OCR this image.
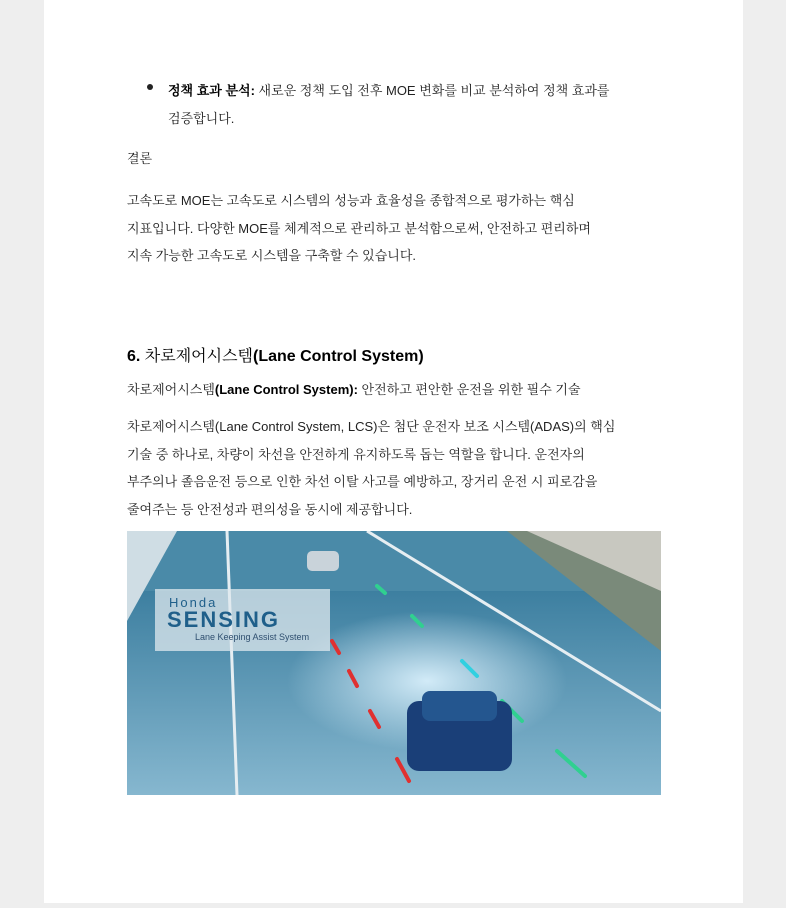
정책 효과 분석: 새로운 정책 도입 전후 MOE 변화를 비교 분석하여 정책 효과를
검증합니다.
결론
고속도로 MOE는 고속도로 시스템의 성능과 효율성을 종합적으로 평가하는 핵심
지표입니다. 다양한 MOE를 체계적으로 관리하고 분석함으로써, 안전하고 편리하며
지속 가능한 고속도로 시스템을 구축할 수 있습니다.
6. 차로제어시스템(Lane Control System)
차로제어시스템(Lane Control System): 안전하고 편안한 운전을 위한 필수 기술
차로제어시스템(Lane Control System, LCS)은 첨단 운전자 보조 시스템(ADAS)의 핵심
기술 중 하나로, 차량이 차선을 안전하게 유지하도록 돕는 역할을 합니다. 운전자의
부주의나 졸음운전 등으로 인한 차선 이탈 사고를 예방하고, 장거리 운전 시 피로감을
줄여주는 등 안전성과 편의성을 동시에 제공합니다.
Honda
SENSING
Lane Keeping Assist System
